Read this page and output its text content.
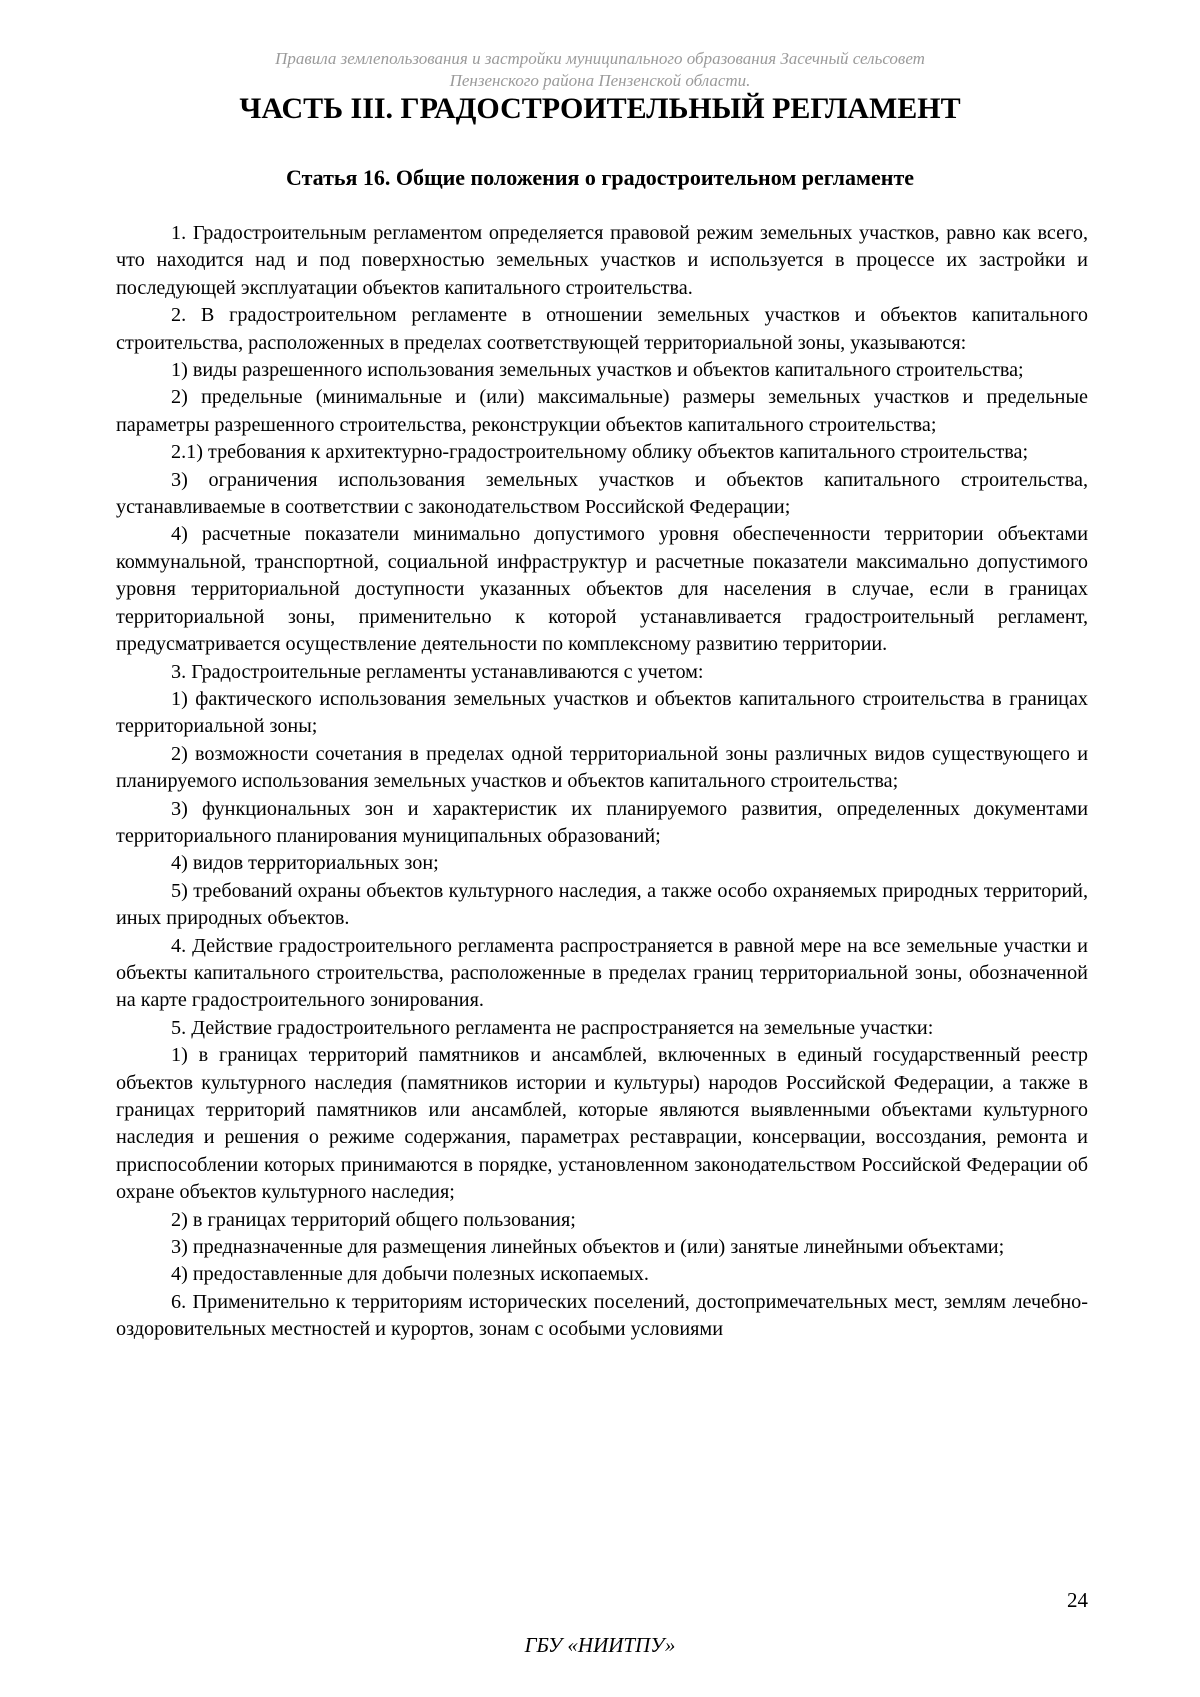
Правила землепользования и застройки муниципального образования Засечный сельсовет
Пензенского района Пензенской области.
ЧАСТЬ III. ГРАДОСТРОИТЕЛЬНЫЙ РЕГЛАМЕНТ
Статья 16. Общие положения о градостроительном регламенте

1. Градостроительным регламентом определяется правовой режим земельных участков, равно как всего, что находится над и под поверхностью земельных участков и используется в процессе их застройки и последующей эксплуатации объектов капитального строительства.

2. В градостроительном регламенте в отношении земельных участков и объектов капитального строительства, расположенных в пределах соответствующей территориальной зоны, указываются:

1) виды разрешенного использования земельных участков и объектов капитального строительства;

2) предельные (минимальные и (или) максимальные) размеры земельных участков и предельные параметры разрешенного строительства, реконструкции объектов капитального строительства;

2.1) требования к архитектурно-градостроительному облику объектов капитального строительства;

3) ограничения использования земельных участков и объектов капитального строительства, устанавливаемые в соответствии с законодательством Российской Федерации;

4) расчетные показатели минимально допустимого уровня обеспеченности территории объектами коммунальной, транспортной, социальной инфраструктур и расчетные показатели максимально допустимого уровня территориальной доступности указанных объектов для населения в случае, если в границах территориальной зоны, применительно к которой устанавливается градостроительный регламент, предусматривается осуществление деятельности по комплексному развитию территории.

3. Градостроительные регламенты устанавливаются с учетом:

1) фактического использования земельных участков и объектов капитального строительства в границах территориальной зоны;

2) возможности сочетания в пределах одной территориальной зоны различных видов существующего и планируемого использования земельных участков и объектов капитального строительства;

3) функциональных зон и характеристик их планируемого развития, определенных документами территориального планирования муниципальных образований;

4) видов территориальных зон;

5) требований охраны объектов культурного наследия, а также особо охраняемых природных территорий, иных природных объектов.

4. Действие градостроительного регламента распространяется в равной мере на все земельные участки и объекты капитального строительства, расположенные в пределах границ территориальной зоны, обозначенной на карте градостроительного зонирования.

5. Действие градостроительного регламента не распространяется на земельные участки:

1) в границах территорий памятников и ансамблей, включенных в единый государственный реестр объектов культурного наследия (памятников истории и культуры) народов Российской Федерации, а также в границах территорий памятников или ансамблей, которые являются выявленными объектами культурного наследия и решения о режиме содержания, параметрах реставрации, консервации, воссоздания, ремонта и приспособлении которых принимаются в порядке, установленном законодательством Российской Федерации об охране объектов культурного наследия;

2) в границах территорий общего пользования;

3) предназначенные для размещения линейных объектов и (или) занятые линейными объектами;

4) предоставленные для добычи полезных ископаемых.

6. Применительно к территориям исторических поселений, достопримечательных мест, землям лечебно-оздоровительных местностей и курортов, зонам с особыми условиями

24
ГБУ «НИИТПУ»
